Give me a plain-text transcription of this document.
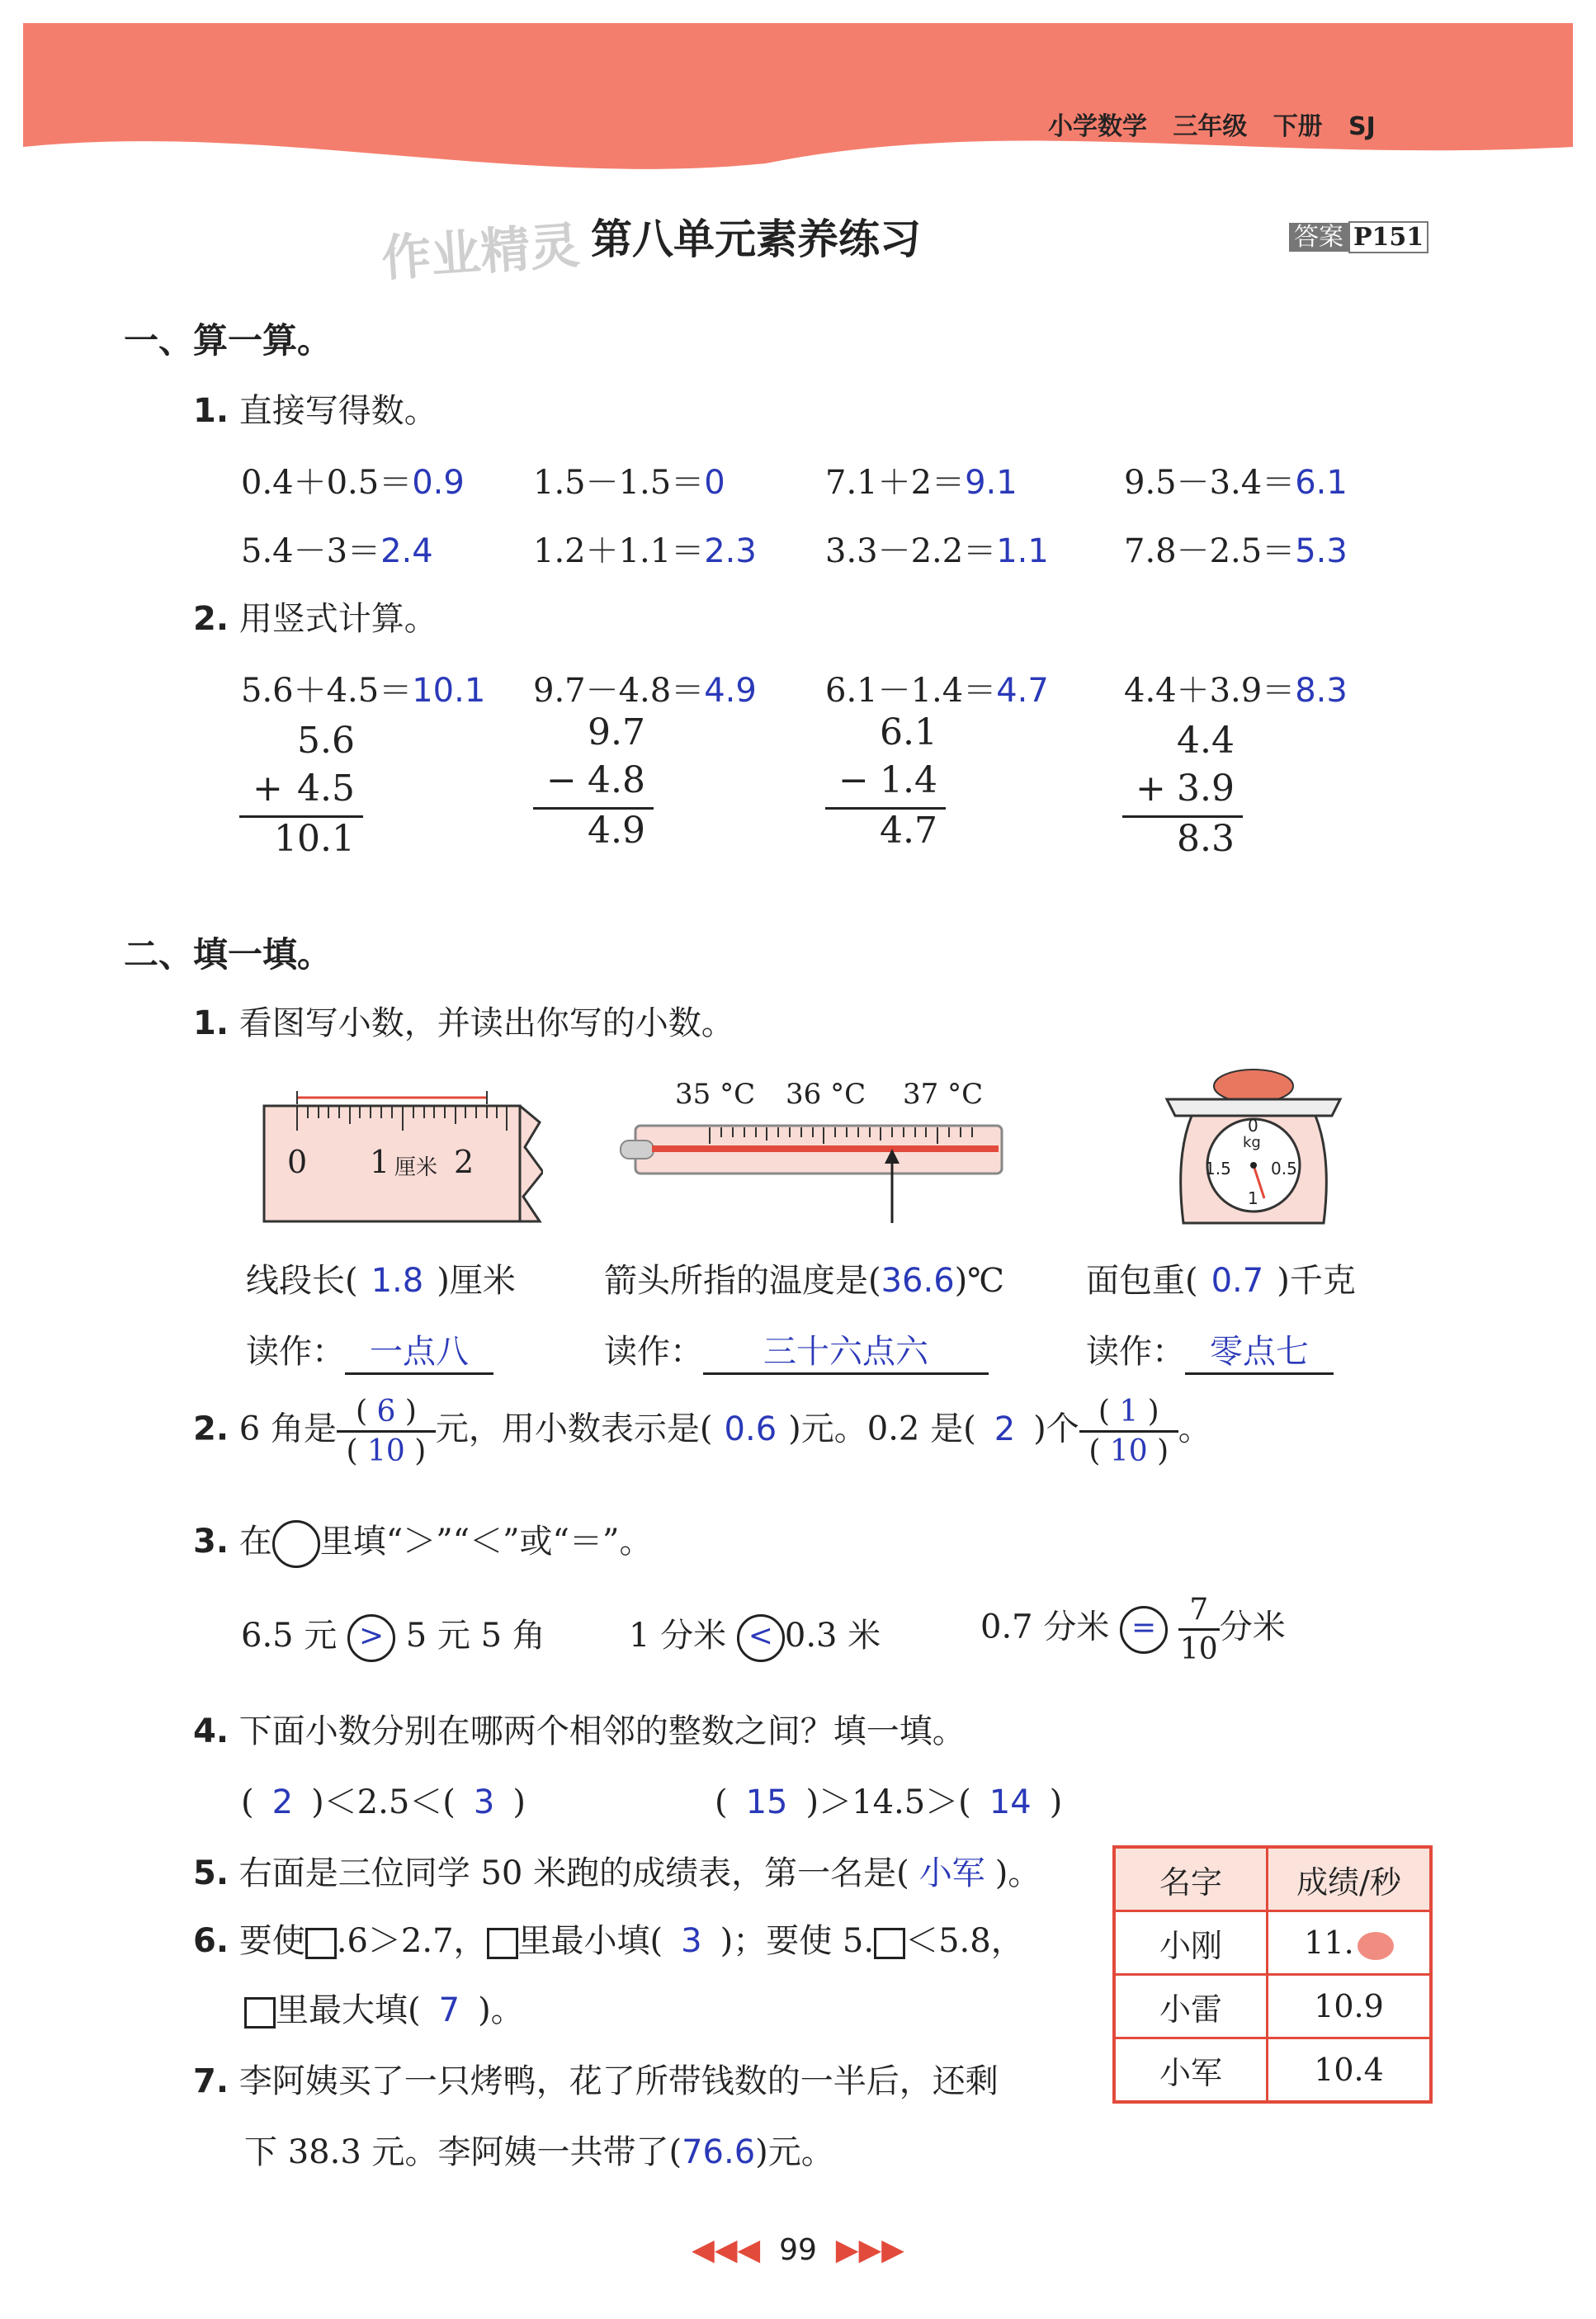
小学数学 三年级 下册 SJ
作业精灵 第八单元素养练习	答案 P151
一、算一算。
1. 直接写得数。
0.4＋0.5＝0.9 1.5－1.5＝0	7.1＋2＝9.1	9.5－3.4＝6.1
5.4－3＝2.4	1.2＋1.1＝2.3 3.3－2.2＝1.1 7.8－2.5＝5.3
2. 用竖式计算。
5.6＋4.5＝10.1 9.7－4.8＝4.9 6.1－1.4＝4.7 4.4＋3.9＝8.3
5.6
+ 4.5
10.1
9.7
− 4.8
4.9
6.1
− 1.4
4.7
4.4
+ 3.9
8.3
二、填一填。
1. 看图写小数，并读出你写的小数。
0 1 厘米 2
35 °C 36 °C 37 °C
0
kg
1.5 0.5
1
线段长( 1.8 )厘米
读作： 一点八
箭头所指的温度是(36.6)℃
读作： 三十六点六
面包重( 0.7 )千克
读作： 零点七
2. 6 角是 $\frac{( 6 )}{( 10 )}$ 元，用小数表示是( 0.6 )元。0.2 是( 2 )个 $\frac{( 1 )}{( 10 )}$ 。
3. 在 里填“＞”“＜”或“＝”。
6.5 元 > 5 元 5 角	1 分米 < 0.3 米	0.7 分米 = $\frac{7}{10}$ 分米
4. 下面小数分别在哪两个相邻的整数之间？填一填。
( 2 )＜2.5＜( 3 )	( 15 )＞14.5＞( 14 )
5. 右面是三位同学 50 米跑的成绩表，第一名是( 小军 )。
6. 要使 .6＞2.7， 里最小填( 3 )；要使 5. ＜5.8，
里最大填( 7 )。
7. 李阿姨买了一只烤鸭，花了所带钱数的一半后，还剩
下 38.3 元。李阿姨一共带了(76.6)元。
名字	成绩/秒
小刚	11.
小雷	10.9
小军	10.4
◀◀◀ 99 ▶▶▶
